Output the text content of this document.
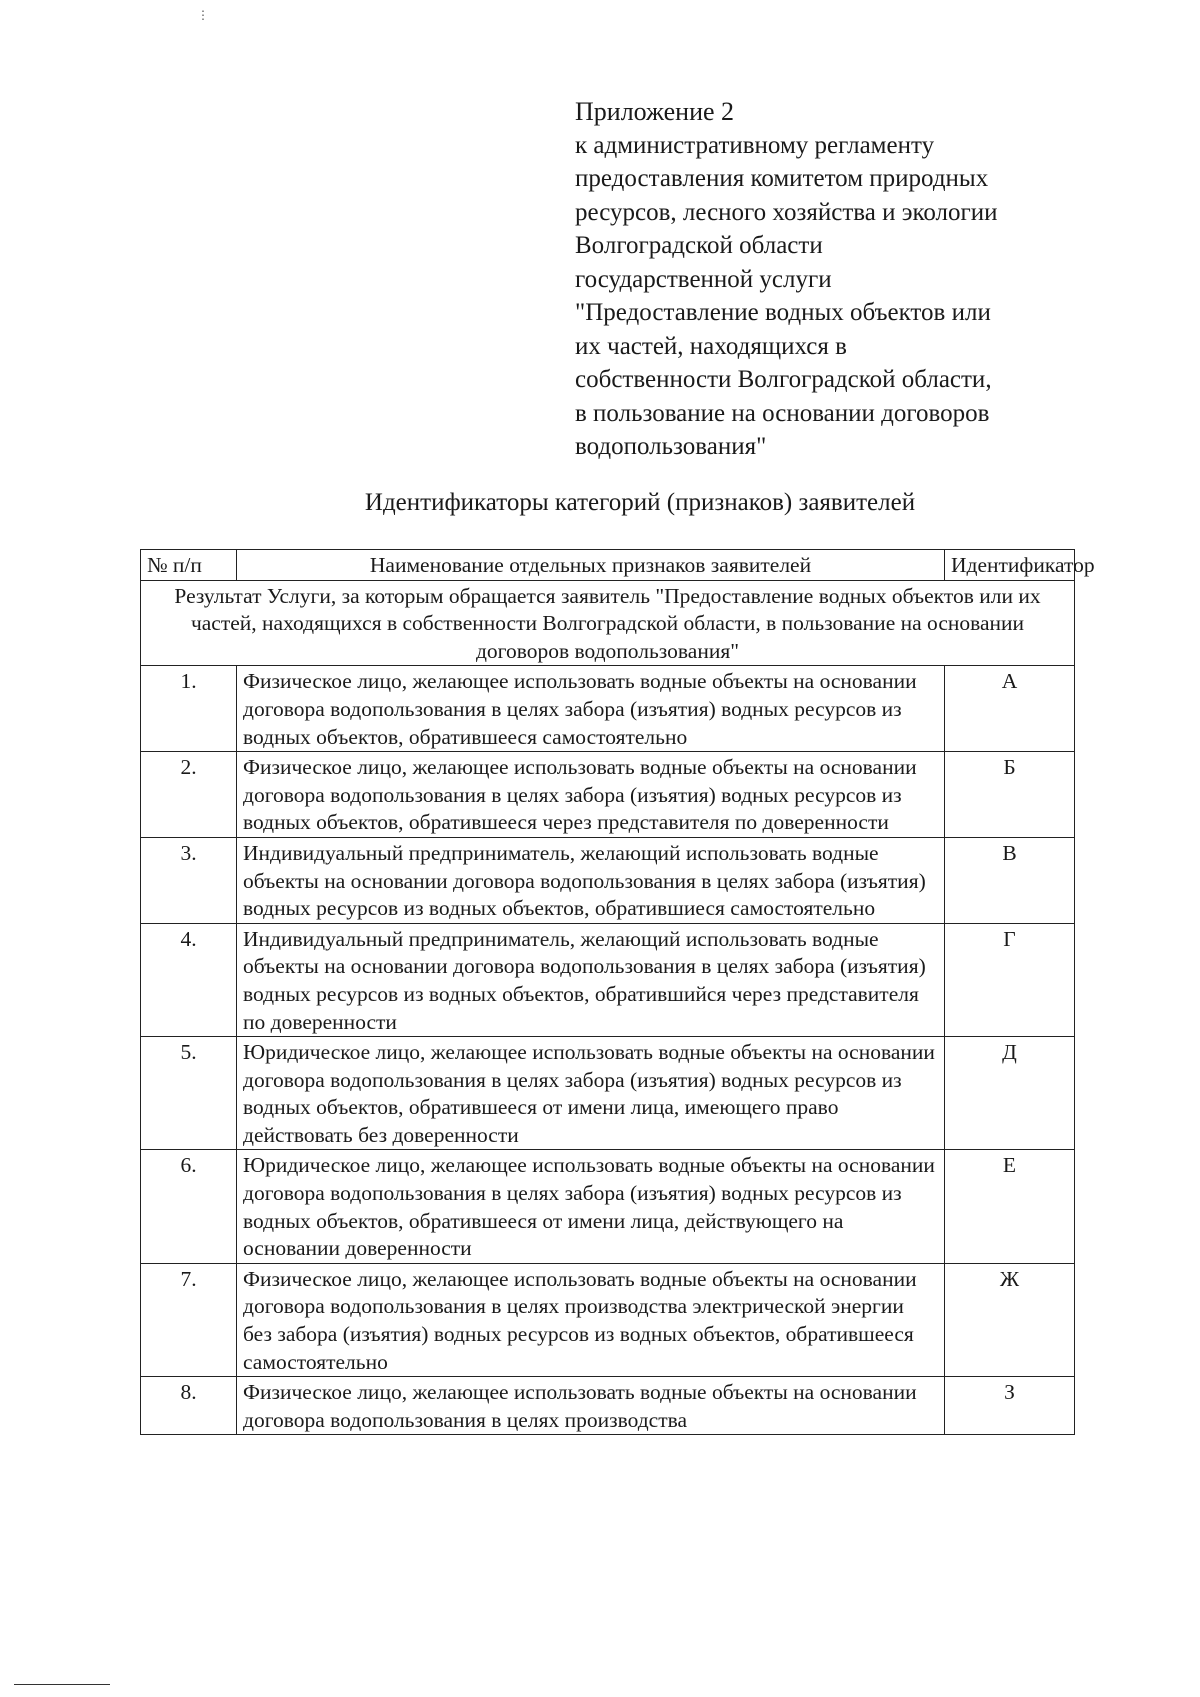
⋮
Приложение 2
к административному регламенту
предоставления комитетом природных
ресурсов, лесного хозяйства и экологии
Волгоградской области
государственной услуги
"Предоставление водных объектов или
их частей, находящихся в
собственности Волгоградской области,
в пользование на основании договоров
водопользования"
Идентификаторы категорий (признаков) заявителей
№ п/п	Наименование отдельных признаков заявителей	Идентификатор
Результат Услуги, за которым обращается заявитель "Предоставление водных объектов или их частей, находящихся в собственности Волгоградской области, в пользование на основании договоров водопользования"		
1.	Физическое лицо, желающее использовать водные объекты на основании договора водопользования в целях забора (изъятия) водных ресурсов из водных объектов, обратившееся самостоятельно	А
2.	Физическое лицо, желающее использовать водные объекты на основании договора водопользования в целях забора (изъятия) водных ресурсов из водных объектов, обратившееся через представителя по доверенности	Б
3.	Индивидуальный предприниматель, желающий использовать водные объекты на основании договора водопользования в целях забора (изъятия) водных ресурсов из водных объектов, обратившиеся самостоятельно	В
4.	Индивидуальный предприниматель, желающий использовать водные объекты на основании договора водопользования в целях забора (изъятия) водных ресурсов из водных объектов, обратившийся через представителя по доверенности	Г
5.	Юридическое лицо, желающее использовать водные объекты на основании договора водопользования в целях забора (изъятия) водных ресурсов из водных объектов, обратившееся от имени лица, имеющего право действовать без доверенности	Д
6.	Юридическое лицо, желающее использовать водные объекты на основании договора водопользования в целях забора (изъятия) водных ресурсов из водных объектов, обратившееся от имени лица, действующего на основании доверенности	Е
7.	Физическое лицо, желающее использовать водные объекты на основании договора водопользования в целях производства электрической энергии без забора (изъятия) водных ресурсов из водных объектов, обратившееся самостоятельно	Ж
8.	Физическое лицо, желающее использовать водные объекты на основании договора водопользования в целях производства	З
